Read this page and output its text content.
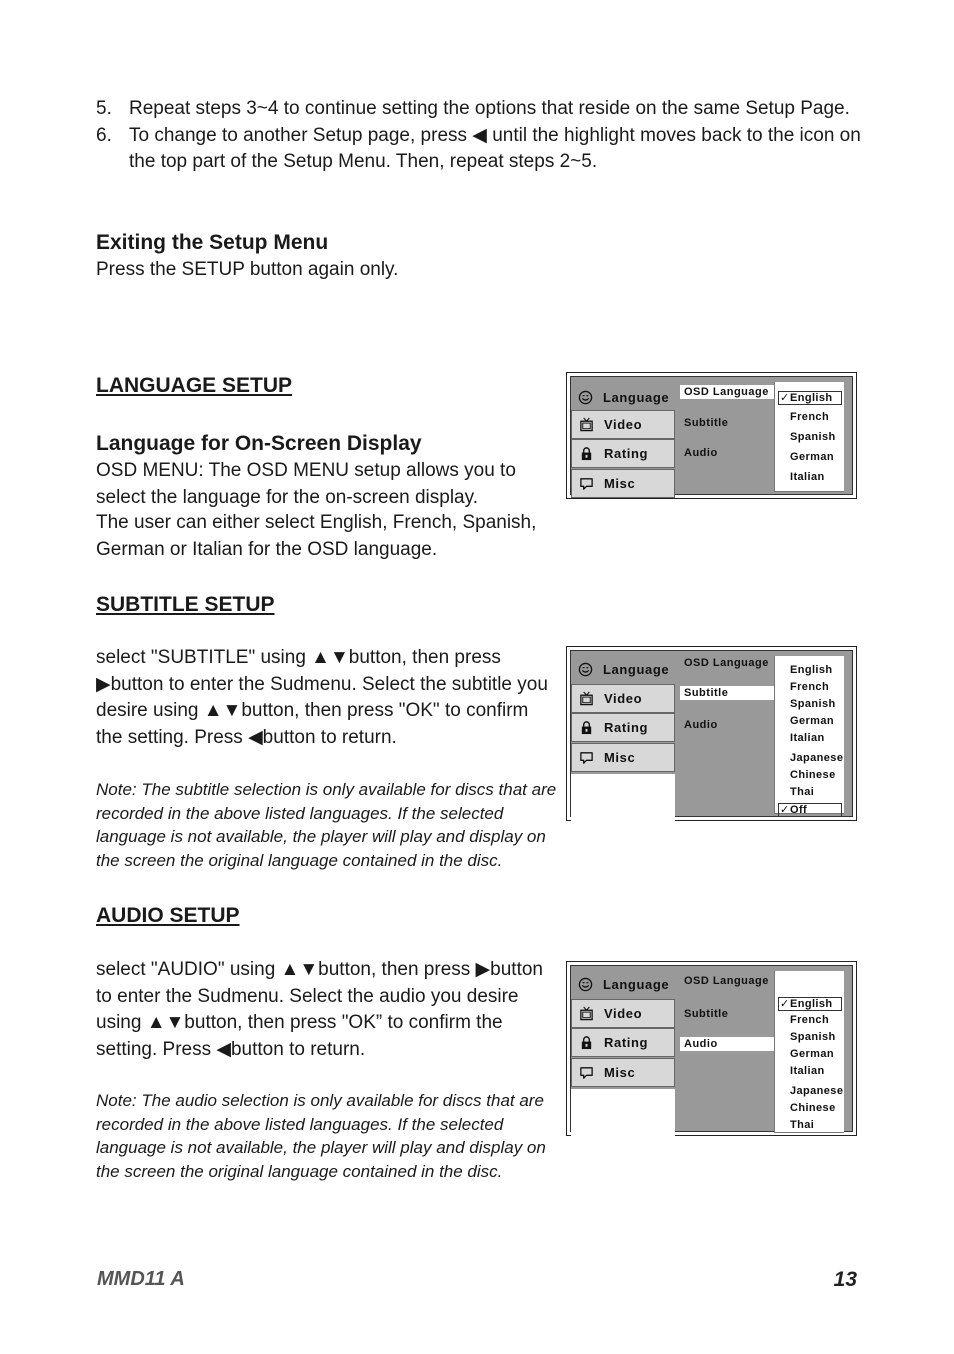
5. Repeat steps 3~4 to continue setting the options that reside on the same Setup Page.
6. To change to another Setup page, press ◀ until the highlight moves back to the icon on the top part of the Setup Menu. Then, repeat steps 2~5.
Exiting the Setup Menu

Press the SETUP button again only.

LANGUAGE SETUP
Language for On-Screen Display

OSD MENU: The OSD MENU setup allows you to select the language for the on-screen display.

The user can either select English, French, Spanish, German or Italian for the OSD language.

SUBTITLE SETUP

select "SUBTITLE" using ▲▼button, then press ▶button to enter the Sudmenu. Select the subtitle you desire using ▲▼button, then press "OK" to confirm the setting. Press ◀button to return.

Note: The subtitle selection is only available for discs that are recorded in the above listed languages. If the selected language is not available, the player will play and display on the screen the original language contained in the disc.

AUDIO SETUP

select "AUDIO" using ▲▼button, then press ▶button to enter the Sudmenu. Select the audio you desire using ▲▼button, then press "OK” to confirm the setting. Press ◀button to return.

Note: The audio selection is only available for discs that are recorded in the above listed languages. If the selected language is not available, the player will play and display on the screen the original language contained in the disc.

Language
Video
Rating
Misc
OSD Language
Subtitle
Audio
✓ English
French
Spanish
German
Italian
Language
Video
Rating
Misc
OSD Language
Subtitle
Audio
English
French
Spanish
German
Italian
Japanese
Chinese
Thai
✓ Off
Language
Video
Rating
Misc
OSD Language
Subtitle
Audio
✓ English
French
Spanish
German
Italian
Japanese
Chinese
Thai
MMD11 A	13
